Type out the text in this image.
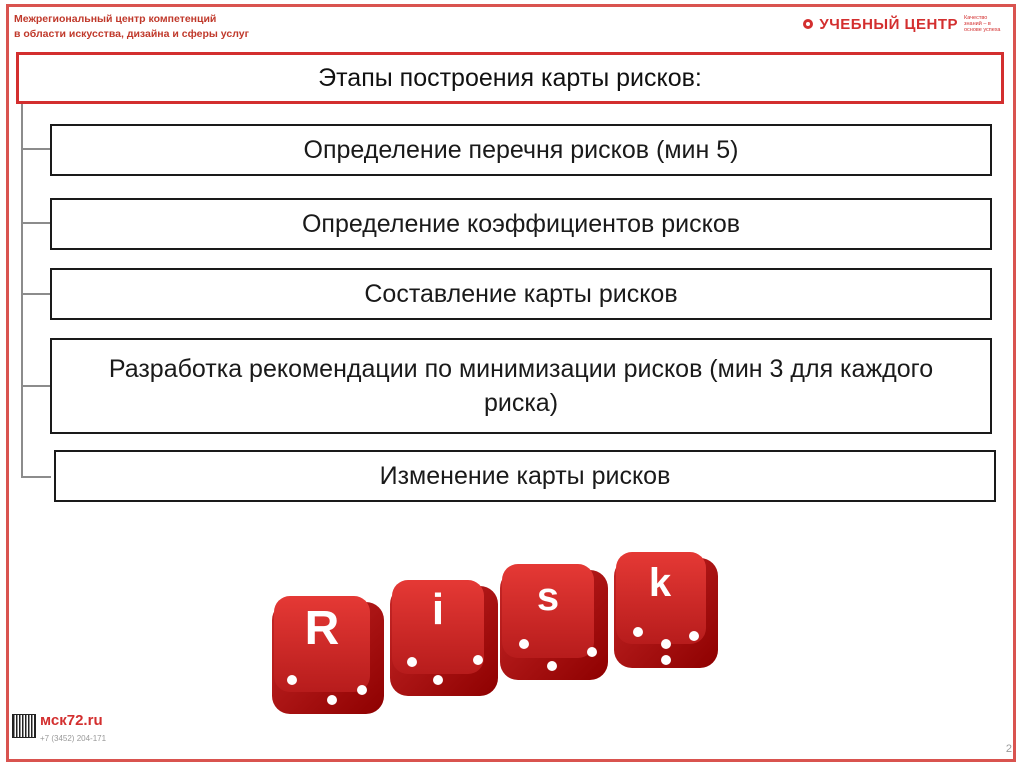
Межрегиональный центр компетенций
в области искусства, дизайна и сферы услуг
УЧЕБНЫЙ ЦЕНТР Качество знаний – в основе успеха
Этапы построения карты рисков:
Определение перечня рисков (мин 5)
Определение коэффициентов рисков
Составление карты рисков
Разработка рекомендации по минимизации рисков (мин 3 для каждого риска)
Изменение карты рисков
R i s k
мск72.ru
+7 (3452) 204-171
2
